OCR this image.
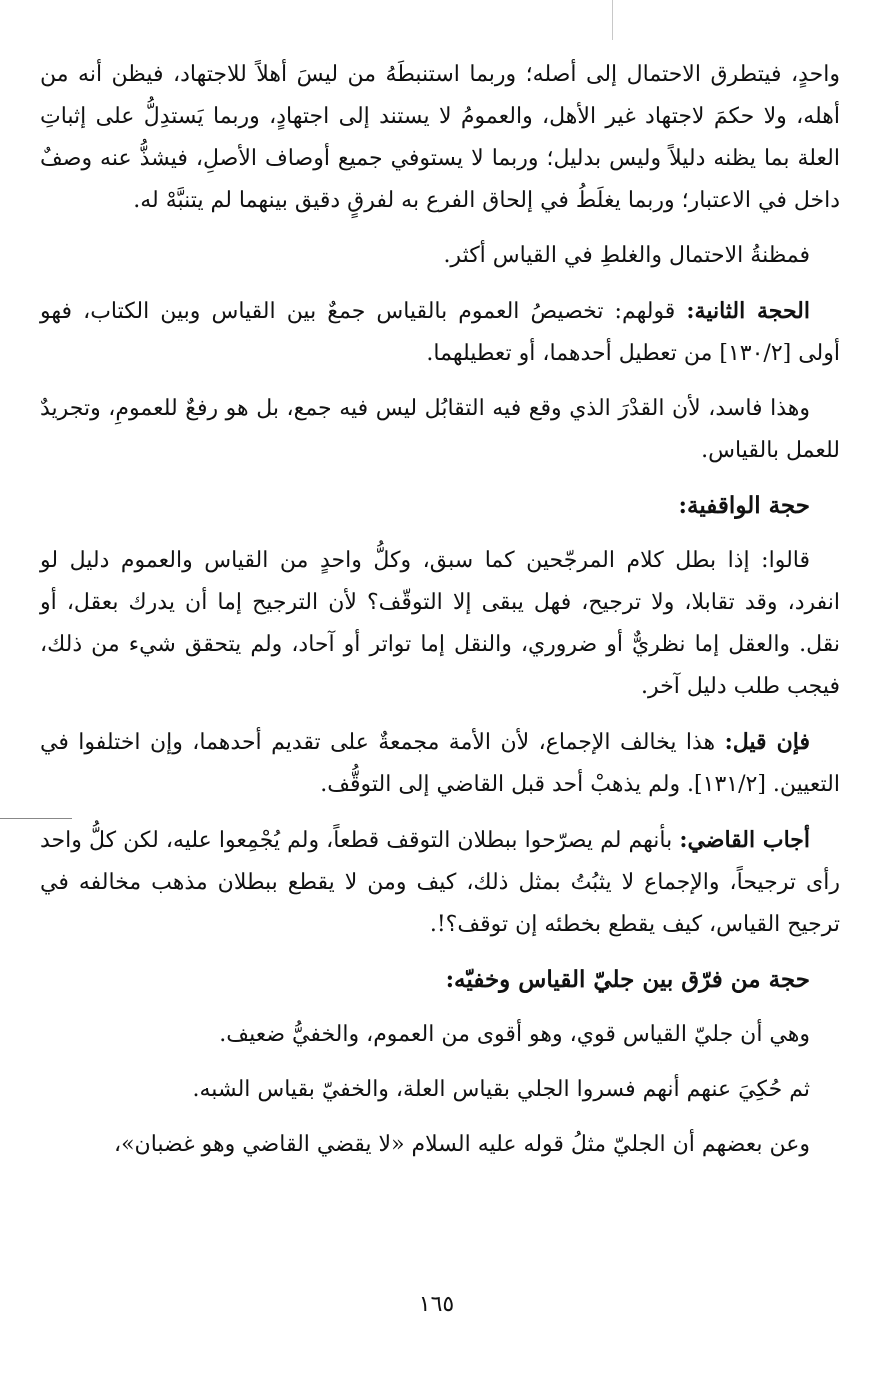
واحدٍ، فيتطرق الاحتمال إلى أصله؛ وربما استنبطَهُ من ليسَ أهلاً للاجتهاد، فيظن أنه من أهله، ولا حكمَ لاجتهاد غير الأهل، والعمومُ لا يستند إلى اجتهادٍ، وربما يَستدِلُّ على إثباتِ العلة بما يظنه دليلاً وليس بدليل؛ وربما لا يستوفي جميع أوصاف الأصلِ، فيشذُّ عنه وصفٌ داخل في الاعتبار؛ وربما يغلَطُ في إلحاق الفرع به لفرقٍ دقيق بينهما لم يتنبَّهْ له.

فمظنةُ الاحتمال والغلطِ في القياس أكثر.

الحجة الثانية: قولهم: تخصيصُ العموم بالقياس جمعٌ بين القياس وبين الكتاب، فهو أولى [١٣٠/٢] من تعطيل أحدهما، أو تعطيلهما.

وهذا فاسد، لأن القدْرَ الذي وقع فيه التقابُل ليس فيه جمع، بل هو رفعٌ للعمومِ، وتجريدٌ للعمل بالقياس.

حجة الواقفية:

قالوا: إذا بطل كلام المرجّحين كما سبق، وكلُّ واحدٍ من القياس والعموم دليل لو انفرد، وقد تقابلا، ولا ترجيح، فهل يبقى إلا التوقّف؟ لأن الترجيح إما أن يدرك بعقل، أو نقل. والعقل إما نظريٌّ أو ضروري، والنقل إما تواتر أو آحاد، ولم يتحقق شيء من ذلك، فيجب طلب دليل آخر.

فإن قيل: هذا يخالف الإجماع، لأن الأمة مجمعةٌ على تقديم أحدهما، وإن اختلفوا في التعيين. [١٣١/٢]. ولم يذهبْ أحد قبل القاضي إلى التوقُّف.

أجاب القاضي: بأنهم لم يصرّحوا ببطلان التوقف قطعاً، ولم يُجْمِعوا عليه، لكن كلُّ واحد رأى ترجيحاً، والإجماع لا يثبُتُ بمثل ذلك، كيف ومن لا يقطع ببطلان مذهب مخالفه في ترجيح القياس، كيف يقطع بخطئه إن توقف؟!.

حجة من فرّق بين جليّ القياس وخفيّه:

وهي أن جليّ القياس قوي، وهو أقوى من العموم، والخفيُّ ضعيف.

ثم حُكِيَ عنهم أنهم فسروا الجلي بقياس العلة، والخفيّ بقياس الشبه.

وعن بعضهم أن الجليّ مثلُ قوله عليه السلام «لا يقضي القاضي وهو غضبان»،

١٦٥
